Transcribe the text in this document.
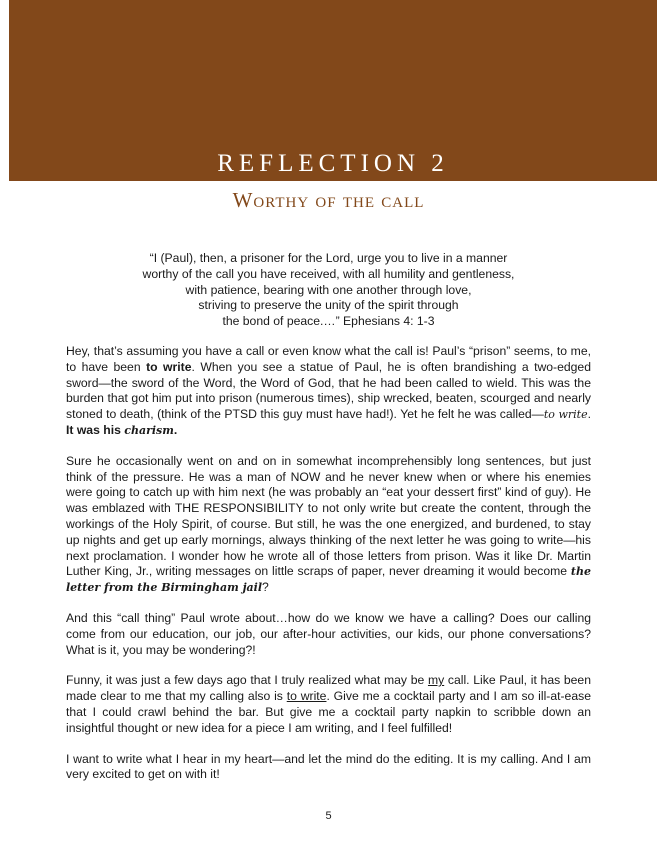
REFLECTION 2
Worthy of the call
“I (Paul), then, a prisoner for the Lord, urge you to live in a manner
worthy of the call you have received, with all humility and gentleness,
with patience, bearing with one another through love,
striving to preserve the unity of the spirit through
the bond of peace.…” Ephesians 4: 1-3

Hey, that’s assuming you have a call or even know what the call is! Paul’s “prison” seems, to me, to have been to write. When you see a statue of Paul, he is often brandishing a two-edged sword—the sword of the Word, the Word of God, that he had been called to wield. This was the burden that got him put into prison (numerous times), ship wrecked, beaten, scourged and nearly stoned to death, (think of the PTSD this guy must have had!). Yet he felt he was called—to write. It was his charism.

Sure he occasionally went on and on in somewhat incomprehensibly long sentences, but just think of the pressure. He was a man of NOW and he never knew when or where his enemies were going to catch up with him next (he was probably an “eat your dessert first” kind of guy). He was emblazed with THE RESPONSIBILITY to not only write but create the content, through the workings of the Holy Spirit, of course. But still, he was the one energized, and burdened, to stay up nights and get up early mornings, always thinking of the next letter he was going to write—his next proclamation. I wonder how he wrote all of those letters from prison. Was it like Dr. Martin Luther King, Jr., writing messages on little scraps of paper, never dreaming it would become the letter from the Birmingham jail?

And this “call thing” Paul wrote about…how do we know we have a calling? Does our calling come from our education, our job, our after-hour activities, our kids, our phone conversations? What is it, you may be wondering?!

Funny, it was just a few days ago that I truly realized what may be my call. Like Paul, it has been made clear to me that my calling also is to write. Give me a cocktail party and I am so ill-at-ease that I could crawl behind the bar. But give me a cocktail party napkin to scribble down an insightful thought or new idea for a piece I am writing, and I feel fulfilled!

I want to write what I hear in my heart—and let the mind do the editing. It is my calling. And I am very excited to get on with it!

5
